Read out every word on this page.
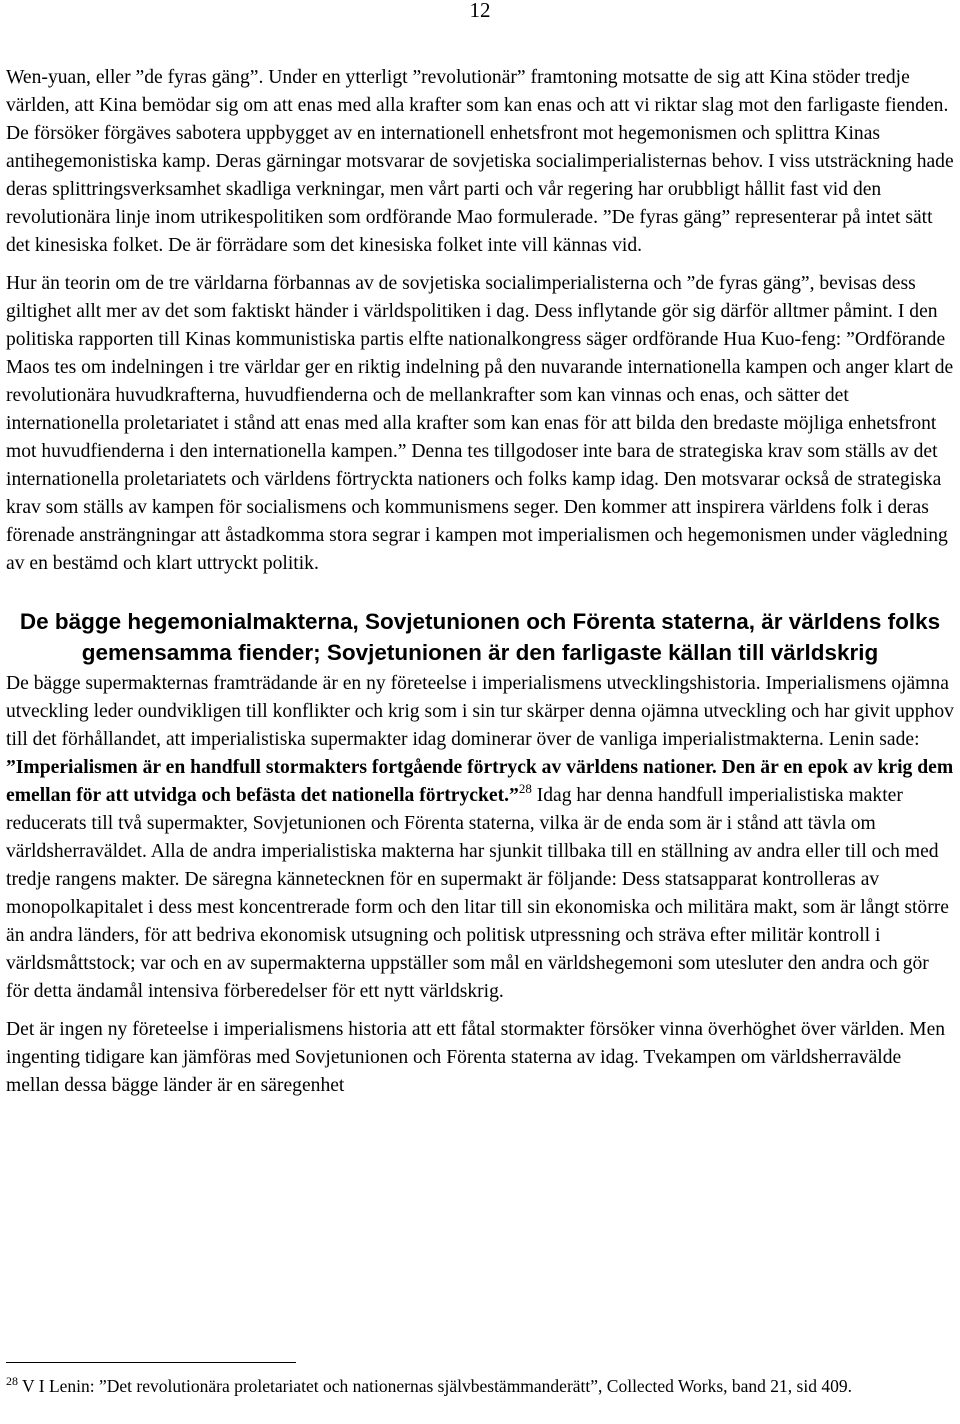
12

Wen-yuan, eller ”de fyras gäng”. Under en ytterligt ”revolutionär” framtoning motsatte de sig att Kina stöder tredje världen, att Kina bemödar sig om att enas med alla krafter som kan enas och att vi riktar slag mot den farligaste fienden. De försöker förgäves sabotera uppbygget av en internationell enhetsfront mot hegemonismen och splittra Kinas antihegemonistiska kamp. Deras gärningar motsvarar de sovjetiska socialimperialisternas behov. I viss utsträckning hade deras splittringsverksamhet skadliga verkningar, men vårt parti och vår regering har orubbligt hållit fast vid den revolutionära linje inom utrikespolitiken som ordförande Mao formulerade. ”De fyras gäng” representerar på intet sätt det kinesiska folket. De är förrädare som det kinesiska folket inte vill kännas vid.

Hur än teorin om de tre världarna förbannas av de sovjetiska socialimperialisterna och ”de fyras gäng”, bevisas dess giltighet allt mer av det som faktiskt händer i världspolitiken i dag. Dess inflytande gör sig därför alltmer påmint. I den politiska rapporten till Kinas kommunistiska partis elfte nationalkongress säger ordförande Hua Kuo-feng: ”Ordförande Maos tes om indelningen i tre världar ger en riktig indelning på den nuvarande internationella kampen och anger klart de revolutionära huvudkrafterna, huvudfienderna och de mellankrafter som kan vinnas och enas, och sätter det internationella proletariatet i stånd att enas med alla krafter som kan enas för att bilda den bredaste möjliga enhetsfront mot huvudfienderna i den internationella kampen.” Denna tes tillgodoser inte bara de strategiska krav som ställs av det internationella proletariatets och världens förtryckta nationers och folks kamp idag. Den motsvarar också de strategiska krav som ställs av kampen för socialismens och kommunismens seger. Den kommer att inspirera världens folk i deras förenade ansträngningar att åstadkomma stora segrar i kampen mot imperialismen och hegemonismen under vägledning av en bestämd och klart uttryckt politik.

De bägge hegemonialmakterna, Sovjetunionen och Förenta staterna, är världens folks gemensamma fiender; Sovjetunionen är den farligaste källan till världskrig

De bägge supermakternas framträdande är en ny företeelse i imperialismens utvecklingshistoria. Imperialismens ojämna utveckling leder oundvikligen till konflikter och krig som i sin tur skärper denna ojämna utveckling och har givit upphov till det förhållandet, att imperialistiska supermakter idag dominerar över de vanliga imperialistmakterna. Lenin sade: ”Imperialismen är en handfull stormakters fortgående förtryck av världens nationer. Den är en epok av krig dem emellan för att utvidga och befästa det nationella förtrycket.”$^{28}$ Idag har denna handfull imperialistiska makter reducerats till två supermakter, Sovjetunionen och Förenta staterna, vilka är de enda som är i stånd att tävla om världsherraväldet. Alla de andra imperialistiska makterna har sjunkit tillbaka till en ställning av andra eller till och med tredje rangens makter. De säregna kännetecknen för en supermakt är följande: Dess statsapparat kontrolleras av monopolkapitalet i dess mest koncentrerade form och den litar till sin ekonomiska och militära makt, som är långt större än andra länders, för att bedriva ekonomisk utsugning och politisk utpressning och sträva efter militär kontroll i världsmåttstock; var och en av supermakterna uppställer som mål en världshegemoni som utesluter den andra och gör för detta ändamål intensiva förberedelser för ett nytt världskrig.

Det är ingen ny företeelse i imperialismens historia att ett fåtal stormakter försöker vinna överhöghet över världen. Men ingenting tidigare kan jämföras med Sovjetunionen och Förenta staterna av idag. Tvekampen om världsherravälde mellan dessa bägge länder är en säregenhet

$^{28}$ V I Lenin: ”Det revolutionära proletariatet och nationernas självbestämmanderätt”, Collected Works, band 21, sid 409.
